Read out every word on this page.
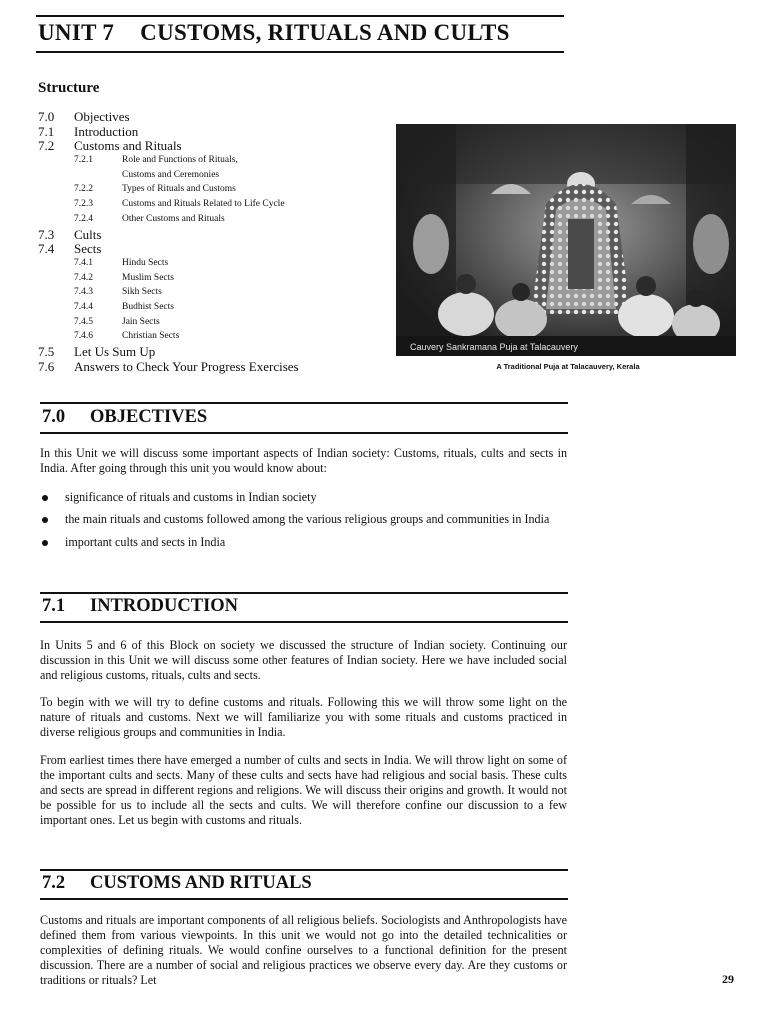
UNIT 7 CUSTOMS, RITUALS AND CULTS
Structure
7.0 Objectives
7.1 Introduction
7.2 Customs and Rituals
7.2.1	Role and Functions of Rituals,
Customs and Ceremonies
7.2.2	Types of Rituals and Customs
7.2.3	Customs and Rituals Related to Life Cycle
7.2.4	Other Customs and Rituals
7.3 Cults
7.4 Sects
7.4.1	Hindu Sects
7.4.2	Muslim Sects
7.4.3	Sikh Sects
7.4.4	Budhist Sects
7.4.5	Jain Sects
7.4.6	Christian Sects
7.5 Let Us Sum Up
7.6 Answers to Check Your Progress Exercises
Cauvery Sankramana Puja at Talacauvery
A Traditional Puja at Talacauvery, Kerala
7.0 OBJECTIVES

In this Unit we will discuss some important aspects of Indian society: Customs, rituals, cults and sects in India. After going through this unit you would know about:

significance of rituals and customs in Indian society
the main rituals and customs followed among the various religious groups and communities in India
important cults and sects in India
7.1 INTRODUCTION

In Units 5 and 6 of this Block on society we discussed the structure of Indian society. Continuing our discussion in this Unit we will discuss some other features of Indian society. Here we have included social and religious customs, rituals, cults and sects.

To begin with we will try to define customs and rituals. Following this we will throw some light on the nature of rituals and customs. Next we will familiarize you with some rituals and customs practiced in diverse religious groups and communities in India.

From earliest times there have emerged a number of cults and sects in India. We will throw light on some of the important cults and sects. Many of these cults and sects have had religious and social basis. These cults and sects are spread in different regions and religions. We will discuss their origins and growth. It would not be possible for us to include all the sects and cults. We will therefore confine our discussion to a few important ones. Let us begin with customs and rituals.

7.2 CUSTOMS AND RITUALS

Customs and rituals are important components of all religious beliefs. Sociologists and Anthropologists have defined them from various viewpoints. In this unit we would not go into the detailed technicalities or complexities of defining rituals. We would confine ourselves to a functional definition for the present discussion. There are a number of social and religious practices we observe every day. Are they customs or traditions or rituals? Let	29
